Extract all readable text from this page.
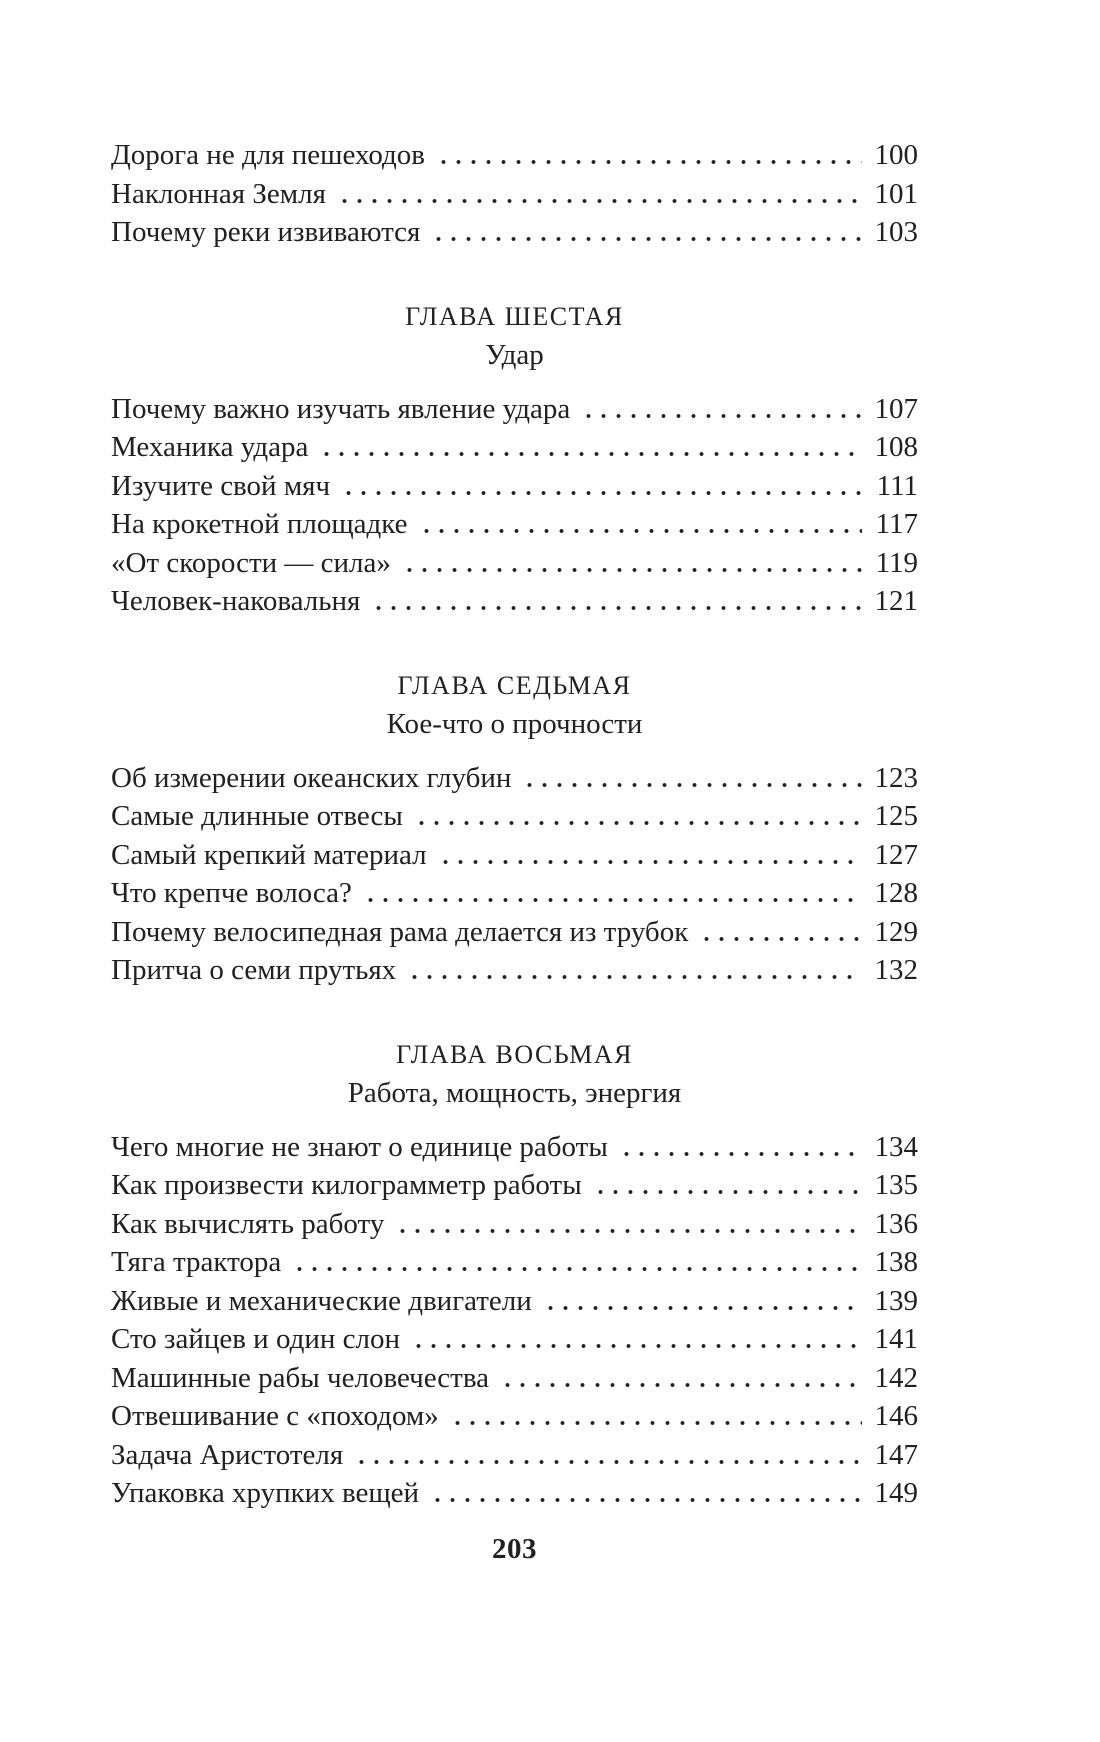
Дорога не для пешеходов	100
Наклонная Земля	101
Почему реки извиваются	103
ГЛАВА ШЕСТАЯ
Удар
Почему важно изучать явление удара	107
Механика удара	108
Изучите свой мяч	111
На крокетной площадке	117
«От скорости — сила»	119
Человек-наковальня	121
ГЛАВА СЕДЬМАЯ
Кое-что о прочности
Об измерении океанских глубин	123
Самые длинные отвесы	125
Самый крепкий материал	127
Что крепче волоса?	128
Почему велосипедная рама делается из трубок	129
Притча о семи прутьях	132
ГЛАВА ВОСЬМАЯ
Работа, мощность, энергия
Чего многие не знают о единице работы	134
Как произвести килограмметр работы	135
Как вычислять работу	136
Тяга трактора	138
Живые и механические двигатели	139
Сто зайцев и один слон	141
Машинные рабы человечества	142
Отвешивание с «походом»	146
Задача Аристотеля	147
Упаковка хрупких вещей	149
203
